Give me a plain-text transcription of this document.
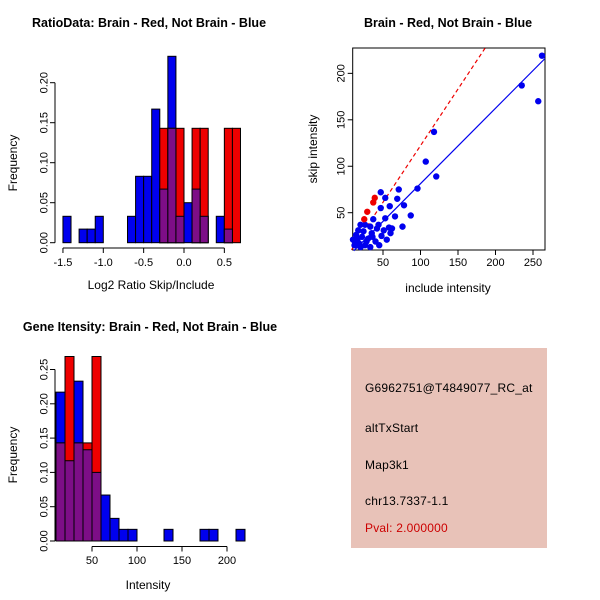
0.00
0.05
0.10
0.15
0.20
-1.5 -1.0 -0.5 0.0 0.5
50
100
150
200
50 100 150 200 250
0.00
0.05
0.10
0.15
0.20
0.25
50	100 150 200
RatioData: Brain - Red, Not Brain - Blue
Frequency
Log2 Ratio Skip/Include
Brain - Red, Not Brain - Blue
skip intensity
include intensity
Gene Itensity: Brain - Red, Not Brain - Blue
Frequency
Intensity
G6962751@T4849077_RC_at
altTxStart
Map3k1
chr13.7337-1.1
Pval: 2.000000
